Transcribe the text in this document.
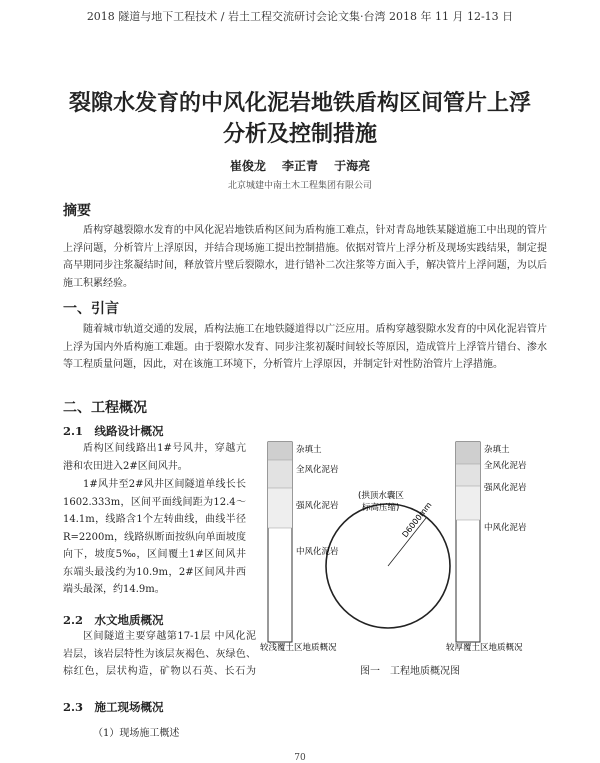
2018 隧道与地下工程技术 / 岩土工程交流研讨会论文集·台湾 2018 年 11 月 12-13 日
裂隙水发育的中风化泥岩地铁盾构区间管片上浮
分析及控制措施
崔俊龙 李正青 于海亮
北京城建中南土木工程集团有限公司
摘要

盾构穿越裂隙水发育的中风化泥岩地铁盾构区间为盾构施工难点，针对青岛地铁某隧道施工中出现的管片上浮问题，分析管片上浮原因，并结合现场施工提出控制措施。依据对管片上浮分析及现场实践结果，制定提高早期同步注浆凝结时间，释放管片壁后裂隙水，进行错补二次注浆等方面入手，解决管片上浮问题，为以后施工积累经验。

一、引言

随着城市轨道交通的发展，盾构法施工在地铁隧道得以广泛应用。盾构穿越裂隙水发育的中风化泥岩管片上浮为国内外盾构施工难题。由于裂隙水发育、同步注浆初凝时间较长等原因，造成管片上浮管片错台、渗水等工程质量问题，因此，对在该施工环境下，分析管片上浮原因，并制定针对性防治管片上浮措施。

二、工程概况
2.1　线路设计概况

盾构区间线路出1#号风井，穿越亢港和农田进入2#区间风井。

1#风井至2#风井区间隧道单线长长1602.333m，区间平面线间距为12.4～14.1m，线路含1个左转曲线，曲线半径R=2200m，线路纵断面按纵向单面坡度向下，坡度5‰，区间覆土1#区间风井东端头最浅约为10.9m，2#区间风井西端头最深，约14.9m。

2.2　水文地质概况

区间隧道主要穿越第17-1层 中风化泥岩层，该岩层特性为该层灰褐色、灰绿色、棕红色，层状构造，矿物以石英、长石为

D6000mm
(拱顶水囊区
标高压缩)
杂填土
全风化泥岩
强风化泥岩
中风化泥岩
杂填土
全风化泥岩
强风化泥岩
中风化泥岩
较浅覆土区地质概况	较厚覆土区地质概况
图一　工程地质概况图
2.3　施工现场概况
（1）现场施工概述
70
